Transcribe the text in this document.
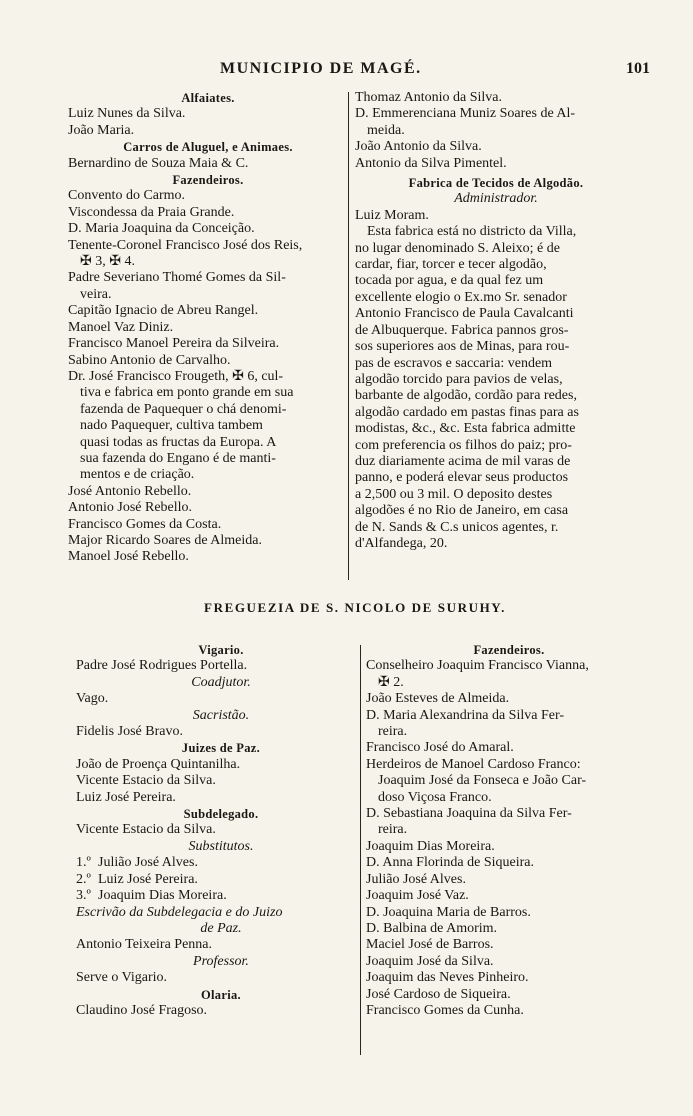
MUNICIPIO DE MAGÉ.	101
Alfaiates.
Luiz Nunes da Silva.
João Maria.
Carros de Aluguel, e Animaes.
Bernardino de Souza Maia & C.
Fazendeiros.
Convento do Carmo.
Viscondessa da Praia Grande.
D. Maria Joaquina da Conceição.
Tenente-Coronel Francisco José dos Reis,
✠ 3, ✠ 4.
Padre Severiano Thomé Gomes da Sil-
veira.
Capitão Ignacio de Abreu Rangel.
Manoel Vaz Diniz.
Francisco Manoel Pereira da Silveira.
Sabino Antonio de Carvalho.
Dr. José Francisco Frougeth, ✠ 6, cul-
tiva e fabrica em ponto grande em sua
fazenda de Paquequer o chá denomi-
nado Paquequer, cultiva tambem
quasi todas as fructas da Europa. A
sua fazenda do Engano é de manti-
mentos e de criação.
José Antonio Rebello.
Antonio José Rebello.
Francisco Gomes da Costa.
Major Ricardo Soares de Almeida.
Manoel José Rebello.
Thomaz Antonio da Silva.
D. Emmerenciana Muniz Soares de Al-
meida.
João Antonio da Silva.
Antonio da Silva Pimentel.
Fabrica de Tecidos de Algodão.
Administrador.
Luiz Moram.
Esta fabrica está no districto da Villa,
no lugar denominado S. Aleixo; é de
cardar, fiar, torcer e tecer algodão,
tocada por agua, e da qual fez um
excellente elogio o Ex.mo Sr. senador
Antonio Francisco de Paula Cavalcanti
de Albuquerque. Fabrica pannos gros-
sos superiores aos de Minas, para rou-
pas de escravos e saccaria: vendem
algodão torcido para pavios de velas,
barbante de algodão, cordão para redes,
algodão cardado em pastas finas para as
modistas, &c., &c. Esta fabrica admitte
com preferencia os filhos do paiz; pro-
duz diariamente acima de mil varas de
panno, e poderá elevar seus productos
a 2,500 ou 3 mil. O deposito destes
algodões é no Rio de Janeiro, em casa
de N. Sands & C.s unicos agentes, r.
d'Alfandega, 20.
FREGUEZIA DE S. NICOLO DE SURUHY.
Vigario.
Padre José Rodrigues Portella.
Coadjutor.
Vago.
Sacristão.
Fidelis José Bravo.
Juizes de Paz.
João de Proença Quintanilha.
Vicente Estacio da Silva.
Luiz José Pereira.
Subdelegado.
Vicente Estacio da Silva.
Substitutos.
1.º Julião José Alves.
2.º Luiz José Pereira.
3.º Joaquim Dias Moreira.
Escrivão da Subdelegacia e do Juizo
de Paz.
Antonio Teixeira Penna.
Professor.
Serve o Vigario.
Olaria.
Claudino José Fragoso.
Fazendeiros.
Conselheiro Joaquim Francisco Vianna,
✠ 2.
João Esteves de Almeida.
D. Maria Alexandrina da Silva Fer-
reira.
Francisco José do Amaral.
Herdeiros de Manoel Cardoso Franco:
Joaquim José da Fonseca e João Car-
doso Viçosa Franco.
D. Sebastiana Joaquina da Silva Fer-
reira.
Joaquim Dias Moreira.
D. Anna Florinda de Siqueira.
Julião José Alves.
Joaquim José Vaz.
D. Joaquina Maria de Barros.
D. Balbina de Amorim.
Maciel José de Barros.
Joaquim José da Silva.
Joaquim das Neves Pinheiro.
José Cardoso de Siqueira.
Francisco Gomes da Cunha.
